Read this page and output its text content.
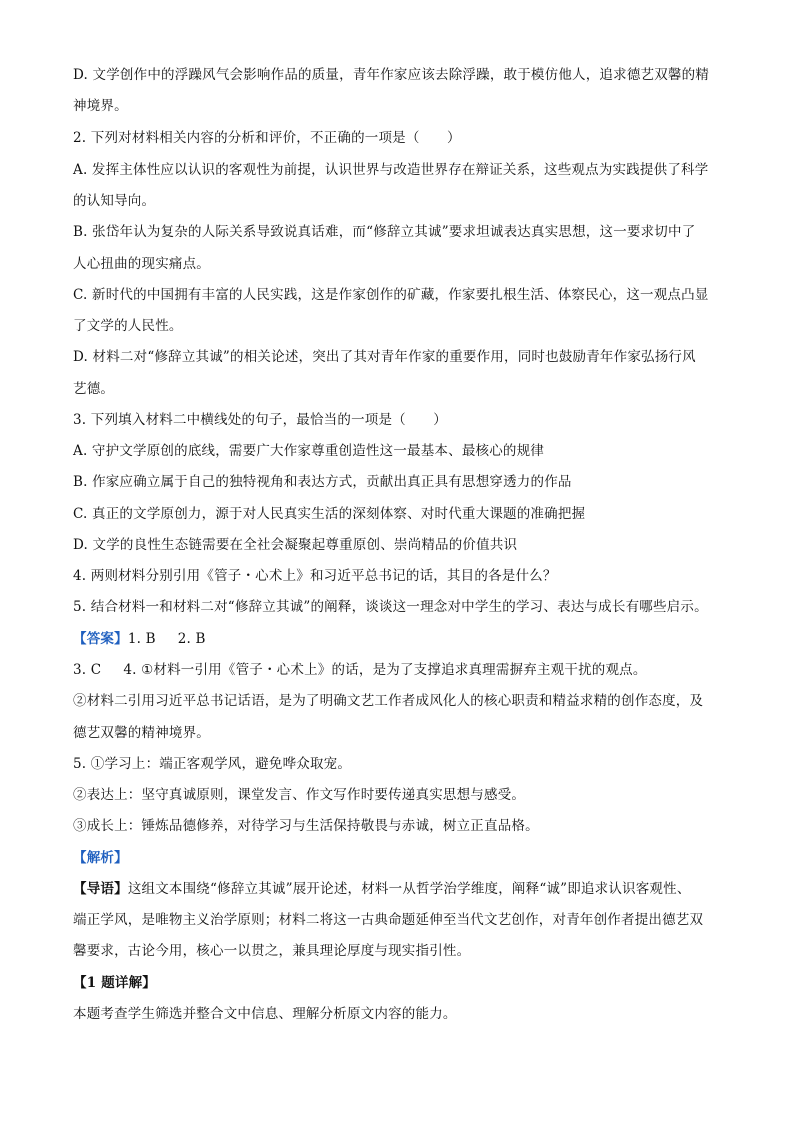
D. 文学创作中的浮躁风气会影响作品的质量，青年作家应该去除浮躁，敢于模仿他人，追求德艺双馨的精
神境界。
2. 下列对材料相关内容的分析和评价，不正确的一项是（　　）
A. 发挥主体性应以认识的客观性为前提，认识世界与改造世界存在辩证关系，这些观点为实践提供了科学
的认知导向。
B. 张岱年认为复杂的人际关系导致说真话难，而“修辞立其诚”要求坦诚表达真实思想，这一要求切中了
人心扭曲的现实痛点。
C. 新时代的中国拥有丰富的人民实践，这是作家创作的矿藏，作家要扎根生活、体察民心，这一观点凸显
了文学的人民性。
D. 材料二对“修辞立其诚”的相关论述，突出了其对青年作家的重要作用，同时也鼓励青年作家弘扬行风
艺德。
3. 下列填入材料二中横线处的句子，最恰当的一项是（　　）
A. 守护文学原创的底线，需要广大作家尊重创造性这一最基本、最核心的规律
B. 作家应确立属于自己的独特视角和表达方式，贡献出真正具有思想穿透力的作品
C. 真正的文学原创力，源于对人民真实生活的深刻体察、对时代重大课题的准确把握
D. 文学的良性生态链需要在全社会凝聚起尊重原创、崇尚精品的价值共识
4. 两则材料分别引用《管子・心术上》和习近平总书记的话，其目的各是什么？
5. 结合材料一和材料二对“修辞立其诚”的阐释，谈谈这一理念对中学生的学习、表达与成长有哪些启示。
【答案】1. B 2. B
3. C 4. ①材料一引用《管子・心术上》的话，是为了支撑追求真理需摒弃主观干扰的观点。
②材料二引用习近平总书记话语，是为了明确文艺工作者成风化人的核心职责和精益求精的创作态度，及
德艺双馨的精神境界。
5. ①学习上：端正客观学风，避免哗众取宠。
②表达上：坚守真诚原则，课堂发言、作文写作时要传递真实思想与感受。
③成长上：锤炼品德修养，对待学习与生活保持敬畏与赤诚，树立正直品格。
【解析】
【导语】这组文本围绕“修辞立其诚”展开论述，材料一从哲学治学维度，阐释“诚”即追求认识客观性、
端正学风，是唯物主义治学原则；材料二将这一古典命题延伸至当代文艺创作，对青年创作者提出德艺双
馨要求，古论今用，核心一以贯之，兼具理论厚度与现实指引性。
【1 题详解】
本题考查学生筛选并整合文中信息、理解分析原文内容的能力。
